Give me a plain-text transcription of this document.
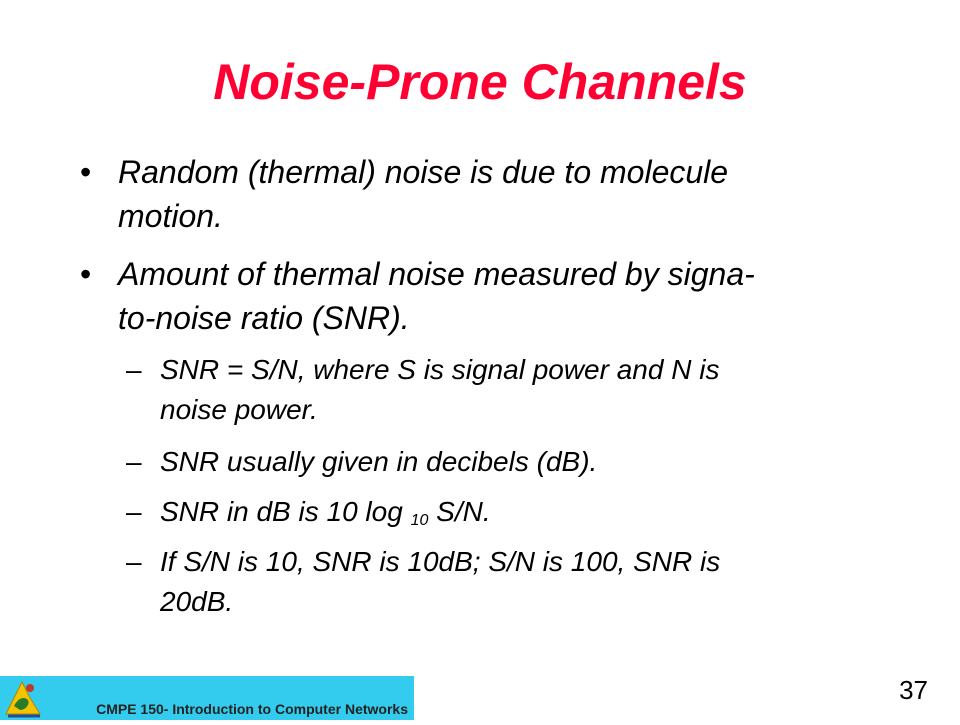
Noise-Prone Channels
• Random (thermal) noise is due to molecule
motion.
• Amount of thermal noise measured by signa-
to-noise ratio (SNR).
– SNR = S/N, where S is signal power and N is
noise power.
– SNR usually given in decibels (dB).
– SNR in dB is 10 log $_{10}$ S/N.
– If S/N is 10, SNR is 10dB; S/N is 100, SNR is
20dB.
CMPE 150- Introduction to Computer Networks
37
